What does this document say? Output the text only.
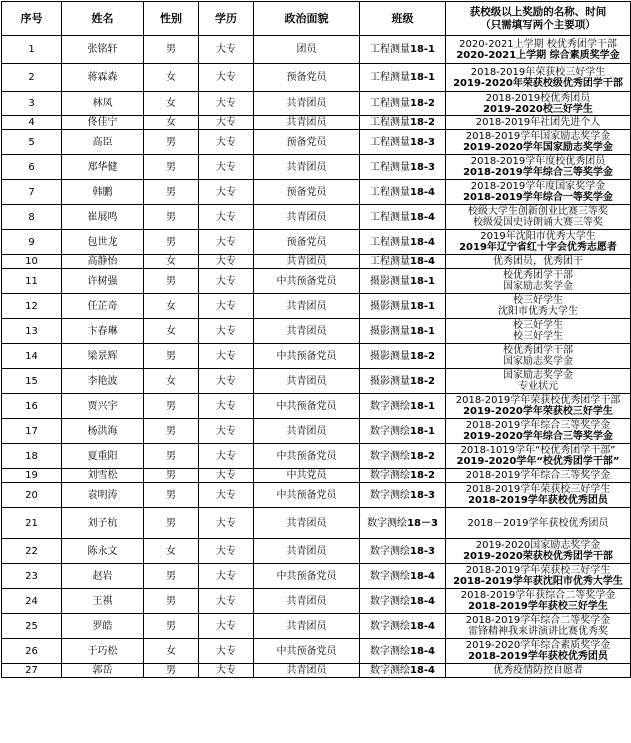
序号	姓名	性别	学历	政治面貌	班级	获校级以上奖励的名称、时间
（只需填写两个主要项）

1	张铭轩	男	大专	团员	工程测量18-1	2020-2021上学期 校优秀团学干部
2020-2021上学期 综合素质奖学金

2	蒋霖森	女	大专	预备党员	工程测量18-1	2018-2019年荣获校三好学生
2019-2020年荣获校级优秀团学干部

3	林凤	女	大专	共青团员	工程测量18-2	2018-2019校优秀团员
2019-2020校三好学生

4	佟佳宁	女	大专	共青团员	工程测量18-2	2018-2019年社团先进个人

5	高臣	男	大专	预备党员	工程测量18-3	2018-2019学年国家励志奖学金
2019-2020学年国家励志奖学金

6	郑华健	男	大专	共青团员	工程测量18-3	2018-2019学年度校优秀团员
2018-2019学年综合三等奖学金

7	韩鹏	男	大专	预备党员	工程测量18-4	2018-2019学年度国家奖学金
2018-2019学年综合一等奖学金

8	崔展鸣	男	大专	共青团员	工程测量18-4	校级大学生创新创业比赛三等奖
校级爱国史诗朗诵大赛三等奖

9	包世龙	男	大专	预备党员	工程测量18-4	2019年沈阳市优秀大学生
2019年辽宁省红十字会优秀志愿者

10	高静怡	女	大专	共青团员	工程测量18-4	优秀团员，优秀团干

11	许树强	男	大专	中共预备党员	摄影测量18-1	校优秀团学干部
国家励志奖学金

12	任芷奇	女	大专	共青团员	摄影测量18-1	校三好学生
沈阳市优秀大学生

13	卞春琳	女	大专	共青团员	摄影测量18-1	校三好学生
校三好学生

14	梁景辉	男	大专	中共预备党员	摄影测量18-2	校优秀团学干部
国家励志奖学金

15	李艳波	女	大专	共青团员	摄影测量18-2	国家励志奖学金
专业状元

16	贾兴宇	男	大专	中共预备党员	数字测绘18-1	2018-2019学年荣获校优秀团学干部
2019-2020学年荣获校三好学生

17	杨洪海	男	大专	共青团员	数字测绘18-1	2018-2019学年综合三等奖学金
2019-2020学年综合三等奖学金

18	夏重阳	男	大专	中共预备党员	数字测绘18-2	2018-1019学年“校优秀团学干部”
2019-2020学年“校优秀团学干部”

19	刘雪松	男	大专	中共党员	数字测绘18-2	2018-2019学年综合三等奖学金

20	袁明涛	男	大专	中共预备党员	数字测绘18-3	2018-2019学年荣获校三好学生
2018-2019学年获校优秀团员

21	刘子杭	男	大专	共青团员	数字测绘18－3	2018－2019学年获校优秀团员

22	陈永文	女	大专	共青团员	数字测绘18-3	2019-2020国家励志奖学金
2019-2020荣获校优秀团学干部

23	赵岩	男	大专	中共预备党员	数字测绘18-4	2018-2019学年荣获校三好学生
2018-2019学年获沈阳市优秀大学生

24	王祺	男	大专	共青团员	数字测绘18-4	2018-2019学年获综合二等奖学金
2018-2019学年获校三好学生

25	罗皓	男	大专	共青团员	数字测绘18-4	2018-2019学年综合二等奖学金
雷锋精神我来讲演讲比赛优秀奖

26	于巧松	女	大专	中共预备党员	数字测绘18-4	2019-2020学年综合素质奖学金
2018-2019学年获校优秀团员

27	郭岳	男	大专	共青团员	数字测绘18-4	优秀疫情防控自愿者
